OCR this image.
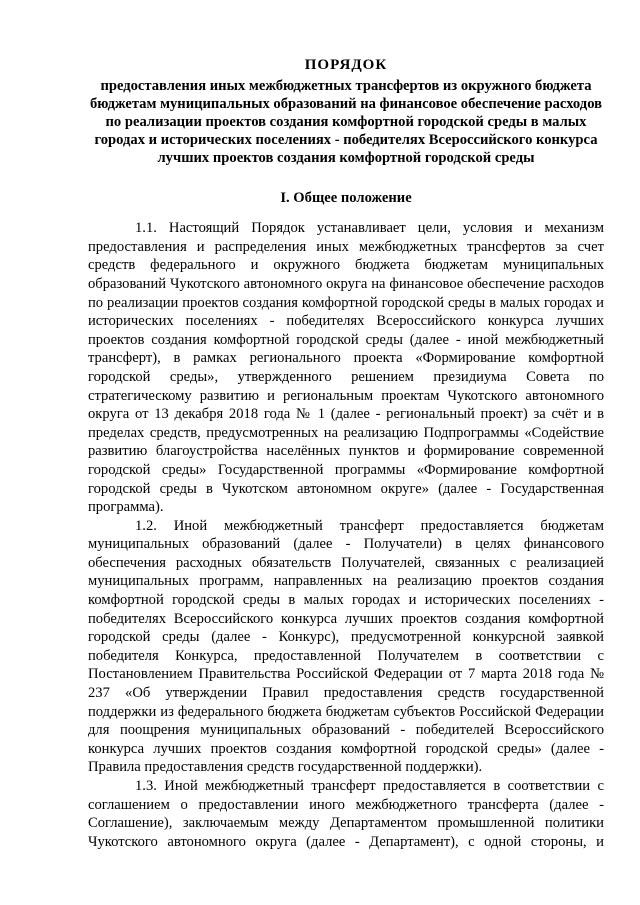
ПОРЯДОК

предоставления иных межбюджетных трансфертов из окружного бюджета бюджетам муниципальных образований на финансовое обеспечение расходов по реализации проектов создания комфортной городской среды в малых городах и исторических поселениях - победителях Всероссийского конкурса лучших проектов создания комфортной городской среды

I. Общее положение

1.1. Настоящий Порядок устанавливает цели, условия и механизм предоставления и распределения иных межбюджетных трансфертов за счет средств федерального и окружного бюджета бюджетам муниципальных образований Чукотского автономного округа на финансовое обеспечение расходов по реализации проектов создания комфортной городской среды в малых городах и исторических поселениях - победителях Всероссийского конкурса лучших проектов создания комфортной городской среды (далее - иной межбюджетный трансферт), в рамках регионального проекта «Формирование комфортной городской среды», утвержденного решением президиума Совета по стратегическому развитию и региональным проектам Чукотского автономного округа от 13 декабря 2018 года № 1 (далее - региональный проект) за счёт и в пределах средств, предусмотренных на реализацию Подпрограммы «Содействие развитию благоустройства населённых пунктов и формирование современной городской среды» Государственной программы «Формирование комфортной городской среды в Чукотском автономном округе» (далее - Государственная программа).

1.2. Иной межбюджетный трансферт предоставляется бюджетам муниципальных образований (далее - Получатели) в целях финансового обеспечения расходных обязательств Получателей, связанных с реализацией муниципальных программ, направленных на реализацию проектов создания комфортной городской среды в малых городах и исторических поселениях - победителях Всероссийского конкурса лучших проектов создания комфортной городской среды (далее - Конкурс), предусмотренной конкурсной заявкой победителя Конкурса, предоставленной Получателем в соответствии с Постановлением Правительства Российской Федерации от 7 марта 2018 года № 237 «Об утверждении Правил предоставления средств государственной поддержки из федерального бюджета бюджетам субъектов Российской Федерации для поощрения муниципальных образований - победителей Всероссийского конкурса лучших проектов создания комфортной городской среды» (далее - Правила предоставления средств государственной поддержки).

1.3. Иной межбюджетный трансферт предоставляется в соответствии с соглашением о предоставлении иного межбюджетного трансферта (далее - Соглашение), заключаемым между Департаментом промышленной политики Чукотского автономного округа (далее - Департамент), с одной стороны, и
